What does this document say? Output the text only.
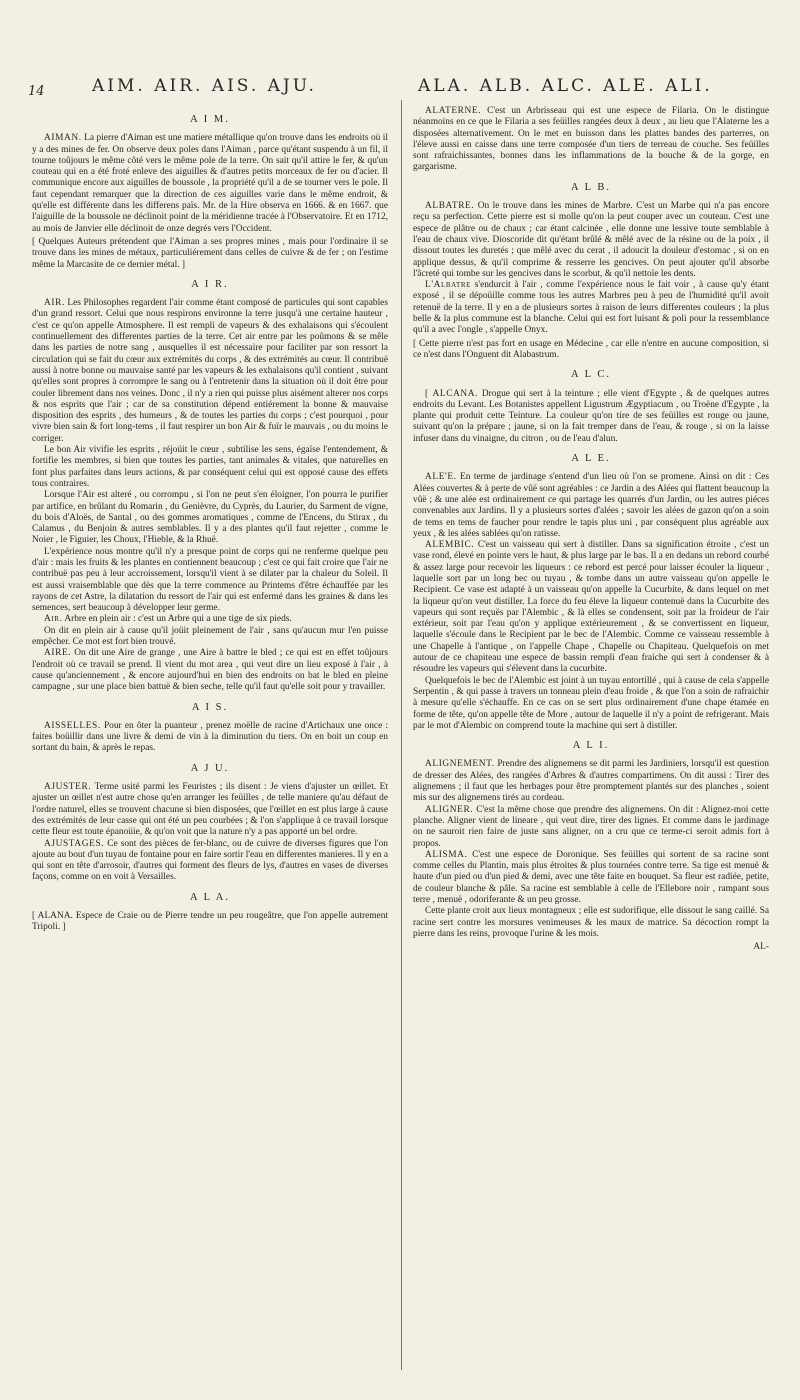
14	AIM. AIR. AIS. AJU.	ALA. ALB. ALC. ALE. ALI.
A I M.

AIMAN. La pierre d'Aiman est une matiere métallique qu'on trouve dans les endroits où il y a des mines de fer. On observe deux poles dans l'Aiman , parce qu'étant suspendu à un fil, il tourne toûjours le même côté vers le même pole de la terre. On sait qu'il attire le fer, & qu'un couteau qui en a été froté enleve des aiguilles & d'autres petits morceaux de fer ou d'acier. Il communique encore aux aiguilles de boussole , la propriété qu'il a de se tourner vers le pole. Il faut cependant remarquer que la direction de ces aiguilles varie dans le même endroit, & qu'elle est différente dans les differens païs. Mr. de la Hire observa en 1666. & en 1667. que l'aiguille de la boussole ne déclinoit point de la méridienne tracée à l'Observatoire. Et en 1712, au mois de Janvier elle déclinoit de onze degrés vers l'Occident.

[ Quelques Auteurs prétendent que l'Aiman a ses propres mines , mais pour l'ordinaire il se trouve dans les mines de métaux, particuliérement dans celles de cuivre & de fer ; on l'estime même la Marcasite de ce dernier métal. ]

A I R.

AIR. Les Philosophes regardent l'air comme étant composé de particules qui sont capables d'un grand ressort. Celui que nous respirons environne la terre jusqu'à une certaine hauteur , c'est ce qu'on appelle Atmosphere. Il est rempli de vapeurs & des exhalaisons qui s'écoulent continuellement des differentes parties de la terre. Cet air entre par les poûmons & se mêle dans les parties de notre sang , ausquelles il est nécessaire pour faciliter par son ressort la circulation qui se fait du cœur aux extrémités du corps , & des extrémités au cœur. Il contribuë aussi à notre bonne ou mauvaise santé par les vapeurs & les exhalaisons qu'il contient , suivant qu'elles sont propres à corrompre le sang ou à l'entretenir dans la situation où il doit être pour couler librement dans nos veines. Donc , il n'y a rien qui puisse plus aisément alterer nos corps & nos esprits que l'air ; car de sa constitution dépend entiérement la bonne & mauvaise disposition des esprits , des humeurs , & de toutes les parties du corps ; c'est pourquoi , pour vivre bien sain & fort long-tems , il faut respirer un bon Air & fuïr le mauvais , ou du moins le corriger.

Le bon Air vivifie les esprits , réjoüit le cœur , subtilise les sens, égaïse l'entendement, & fortifie les membres, si bien que toutes les parties, tant animales & vitales, que naturelles en font plus parfaites dans leurs actions, & par conséquent celui qui est opposé cause des effets tous contraires.

Lorsque l'Air est alteré , ou corrompu , si l'on ne peut s'en éloigner, l'on pourra le purifier par artifice, en brûlant du Romarin , du Genièvre, du Cyprès, du Laurier, du Sarment de vigne, du bois d'Aloës, de Santal , ou des gommes aromatiques , comme de l'Encens, du Stirax , du Calamus , du Benjoin & autres semblables. Il y a des plantes qu'il faut rejetter , comme le Noier , le Figuier, les Choux, l'Hieble, & la Rhuë.

L'expérience nous montre qu'il n'y a presque point de corps qui ne renferme quelque peu d'air : mais les fruits & les plantes en contiennent beaucoup ; c'est ce qui fait croire que l'air ne contribuë pas peu à leur accroissement, lorsqu'il vient à se dilater par la chaleur du Soleil. Il est aussi vraisemblable que dès que la terre commence au Printems d'être échauffée par les rayons de cet Astre, la dilatation du ressort de l'air qui est enfermé dans les graines & dans les semences, sert beaucoup à développer leur germe.

Air. Arbre en plein air : c'est un Arbre qui a une tige de six pieds.

On dit en plein air à cause qu'il joüit pleinement de l'air , sans qu'aucun mur l'en puisse empêcher. Ce mot est fort bien trouvé.

AIRE. On dit une Aire de grange , une Aire à battre le bled ; ce qui est en effet toûjours l'endroit où ce travail se prend. Il vient du mot area , qui veut dire un lieu exposé à l'air , à cause qu'anciennement , & encore aujourd'hui en bien des endroits on bat le bled en pleine campagne , sur une place bien battuë & bien seche, telle qu'il faut qu'elle soit pour y travailler.

A I S.

AISSELLES. Pour en ôter la puanteur , prenez moëlle de racine d'Artichaux une once : faites boüillir dans une livre & demi de vin à la diminution du tiers. On en boit un coup en sortant du bain, & après le repas.

A J U.

AJUSTER. Terme usité parmi les Feuristes ; ils disent : Je viens d'ajuster un œillet. Et ajuster un œillet n'est autre chose qu'en arranger les feüilles , de telle maniere qu'au défaut de l'ordre naturel, elles se trouvent chacune si bien disposées, que l'œillet en est plus large à cause des extrémités de leur casse qui ont été un peu courbées ; & l'on s'applique à ce travail lorsque cette fleur est toute épanoüie, & qu'on voit que la nature n'y a pas apporté un bel ordre.

AJUSTAGES. Ce sont des pièces de fer-blanc, ou de cuivre de diverses figures que l'on ajoute au bout d'un tuyau de fontaine pour en faire sortir l'eau en differentes manieres. Il y en a qui sont en tête d'arrosoir, d'autres qui forment des fleurs de lys, d'autres en vases de diverses façons, comme on en voit à Versailles.

A L A.

[ ALANA. Espece de Craie ou de Pierre tendre un peu rougeâtre, que l'on appelle autrement Tripoli. ]

ALATERNE. C'est un Arbrisseau qui est une espece de Filaria. On le distingue néanmoins en ce que le Filaria a ses feüilles rangées deux à deux , au lieu que l'Alaterne les a disposées alternativement. On le met en buisson dans les plattes bandes des parterres, on l'éleve aussi en caisse dans une terre composée d'un tiers de terreau de couche. Ses feüilles sont rafraichissantes, bonnes dans les inflammations de la bouche & de la gorge, en gargarisme.

A L B.

ALBATRE. On le trouve dans les mines de Marbre. C'est un Marbe qui n'a pas encore reçu sa perfection. Cette pierre est si molle qu'on la peut couper avec un couteau. C'est une espece de plâtre ou de chaux ; car étant calcinée , elle donne une lessive toute semblable à l'eau de chaux vive. Dioscoride dit qu'étant brûlé & mêlé avec de la résine ou de la poix , il dissout toutes les duretés ; que mêlé avec du cerat , il adoucit la douleur d'estomac , si on en applique dessus, & qu'il comprime & resserre les gencives. On peut ajouter qu'il absorbe l'âcreté qui tombe sur les gencives dans le scorbut, & qu'il nettoïe les dents.

L'Albatre s'endurcit à l'air , comme l'expérience nous le fait voir , à cause qu'y étant exposé , il se dépoüille comme tous les autres Marbres peu à peu de l'humidité qu'il avoit retenuë de la terre. Il y en a de plusieurs sortes à raison de leurs differentes couleurs ; la plus belle & la plus commune est la blanche. Celui qui est fort luisant & poli pour la ressemblance qu'il a avec l'ongle , s'appelle Onyx.

[ Cette pierre n'est pas fort en usage en Médecine , car elle n'entre en aucune composition, si ce n'est dans l'Onguent dit Alabastrum.

A L C.

[ ALCANA. Drogue qui sert à la teinture ; elle vient d'Egypte , & de quelques autres endroits du Levant. Les Botanistes appellent Ligustrum Ægyptiacum , ou Troëne d'Egypte , la plante qui produit cette Teinture. La couleur qu'on tire de ses feüilles est rouge ou jaune, suivant qu'on la prépare ; jaune, si on la fait tremper dans de l'eau, & rouge , si on la laisse infuser dans du vinaigne, du citron , ou de l'eau d'alun.

A L E.

ALE'E. En terme de jardinage s'entend d'un lieu où l'on se promene. Ainsi on dit : Ces Alées couvertes & à perte de vûë sont agréables : ce Jardin a des Alées qui flattent beaucoup la vûë ; & une alée est ordinairement ce qui partage les quarrés d'un Jardin, ou les autres piéces convenables aux Jardins. Il y a plusieurs sortes d'alées ; savoir les alées de gazon qu'on a soin de tems en tems de faucher pour rendre le tapis plus uni , par conséquent plus agréable aux yeux , & les alées sablées qu'on ratisse.

ALEMBIC. C'est un vaisseau qui sert à distiller. Dans sa signification étroite , c'est un vase rond, élevé en pointe vers le haut, & plus large par le bas. Il a en dedans un rebord courbé & assez large pour recevoir les liqueurs : ce rebord est percé pour laisser écouler la liqueur , laquelle sort par un long bec ou tuyau , & tombe dans un autre vaisseau qu'on appelle le Recipient. Ce vase est adapté à un vaisseau qu'on appelle la Cucurbite, & dans lequel on met la liqueur qu'on veut distiller. La force du feu éleve la liqueur contenuë dans la Cucurbite des vapeurs qui sont reçuës par l'Alembic , & là elles se condensent, soit par la froideur de l'air extérieur, soit par l'eau qu'on y applique extérieurement , & se convertissent en liqueur, laquelle s'écoule dans le Recipient par le bec de l'Alembic. Comme ce vaisseau ressemble à une Chapelle à l'antique , on l'appelle Chape , Chapelle ou Chapiteau. Quelquefois on met autour de ce chapiteau une espece de bassin rempli d'eau fraiche qui sert à condenser & à résoudre les vapeurs qui s'élevent dans la cucurbite.

Quelquefois le bec de l'Alembic est joint à un tuyau entortillé , qui à cause de cela s'appelle Serpentin , & qui passe à travers un tonneau plein d'eau froide , & que l'on a soin de rafraichir à mesure qu'elle s'échauffe. En ce cas on se sert plus ordinairement d'une chape étamée en forme de tête, qu'on appelle tête de More , autour de laquelle il n'y a point de refrigerant. Mais par le mot d'Alembic on comprend toute la machine qui sert à distiller.

A L I.

ALIGNEMENT. Prendre des alignemens se dit parmi les Jardiniers, lorsqu'il est question de dresser des Alées, des rangées d'Arbres & d'autres compartimens. On dit aussi : Tirer des alignemens ; il faut que les herbages pour être promptement plantés sur des planches , soient mis sur des alignemens tirés au cordeau.

ALIGNER. C'est la même chose que prendre des alignemens. On dit : Alignez-moi cette planche. Aligner vient de lineare , qui veut dire, tirer des lignes. Et comme dans le jardinage on ne sauroit rien faire de juste sans aligner, on a cru que ce terme-ci seroit admis fort à propos.

ALISMA. C'est une espece de Doronique. Ses feüilles qui sortent de sa racine sont comme celles du Plantin, mais plus étroites & plus tournées contre terre. Sa tige est menuë & haute d'un pied ou d'un pied & demi, avec une tête faite en bouquet. Sa fleur est radiée, petite, de couleur blanche & pâle. Sa racine est semblable à celle de l'Ellebore noir , rampant sous terre , menuë , odoriferante & un peu grosse.

Cette plante croit aux lieux montagneux ; elle est sudorifique, elle dissout le sang caillé. Sa racine sert contre les morsures venimeuses & les maux de matrice. Sa décoction rompt la pierre dans les reins, provoque l'urine & les mois.

AL-
